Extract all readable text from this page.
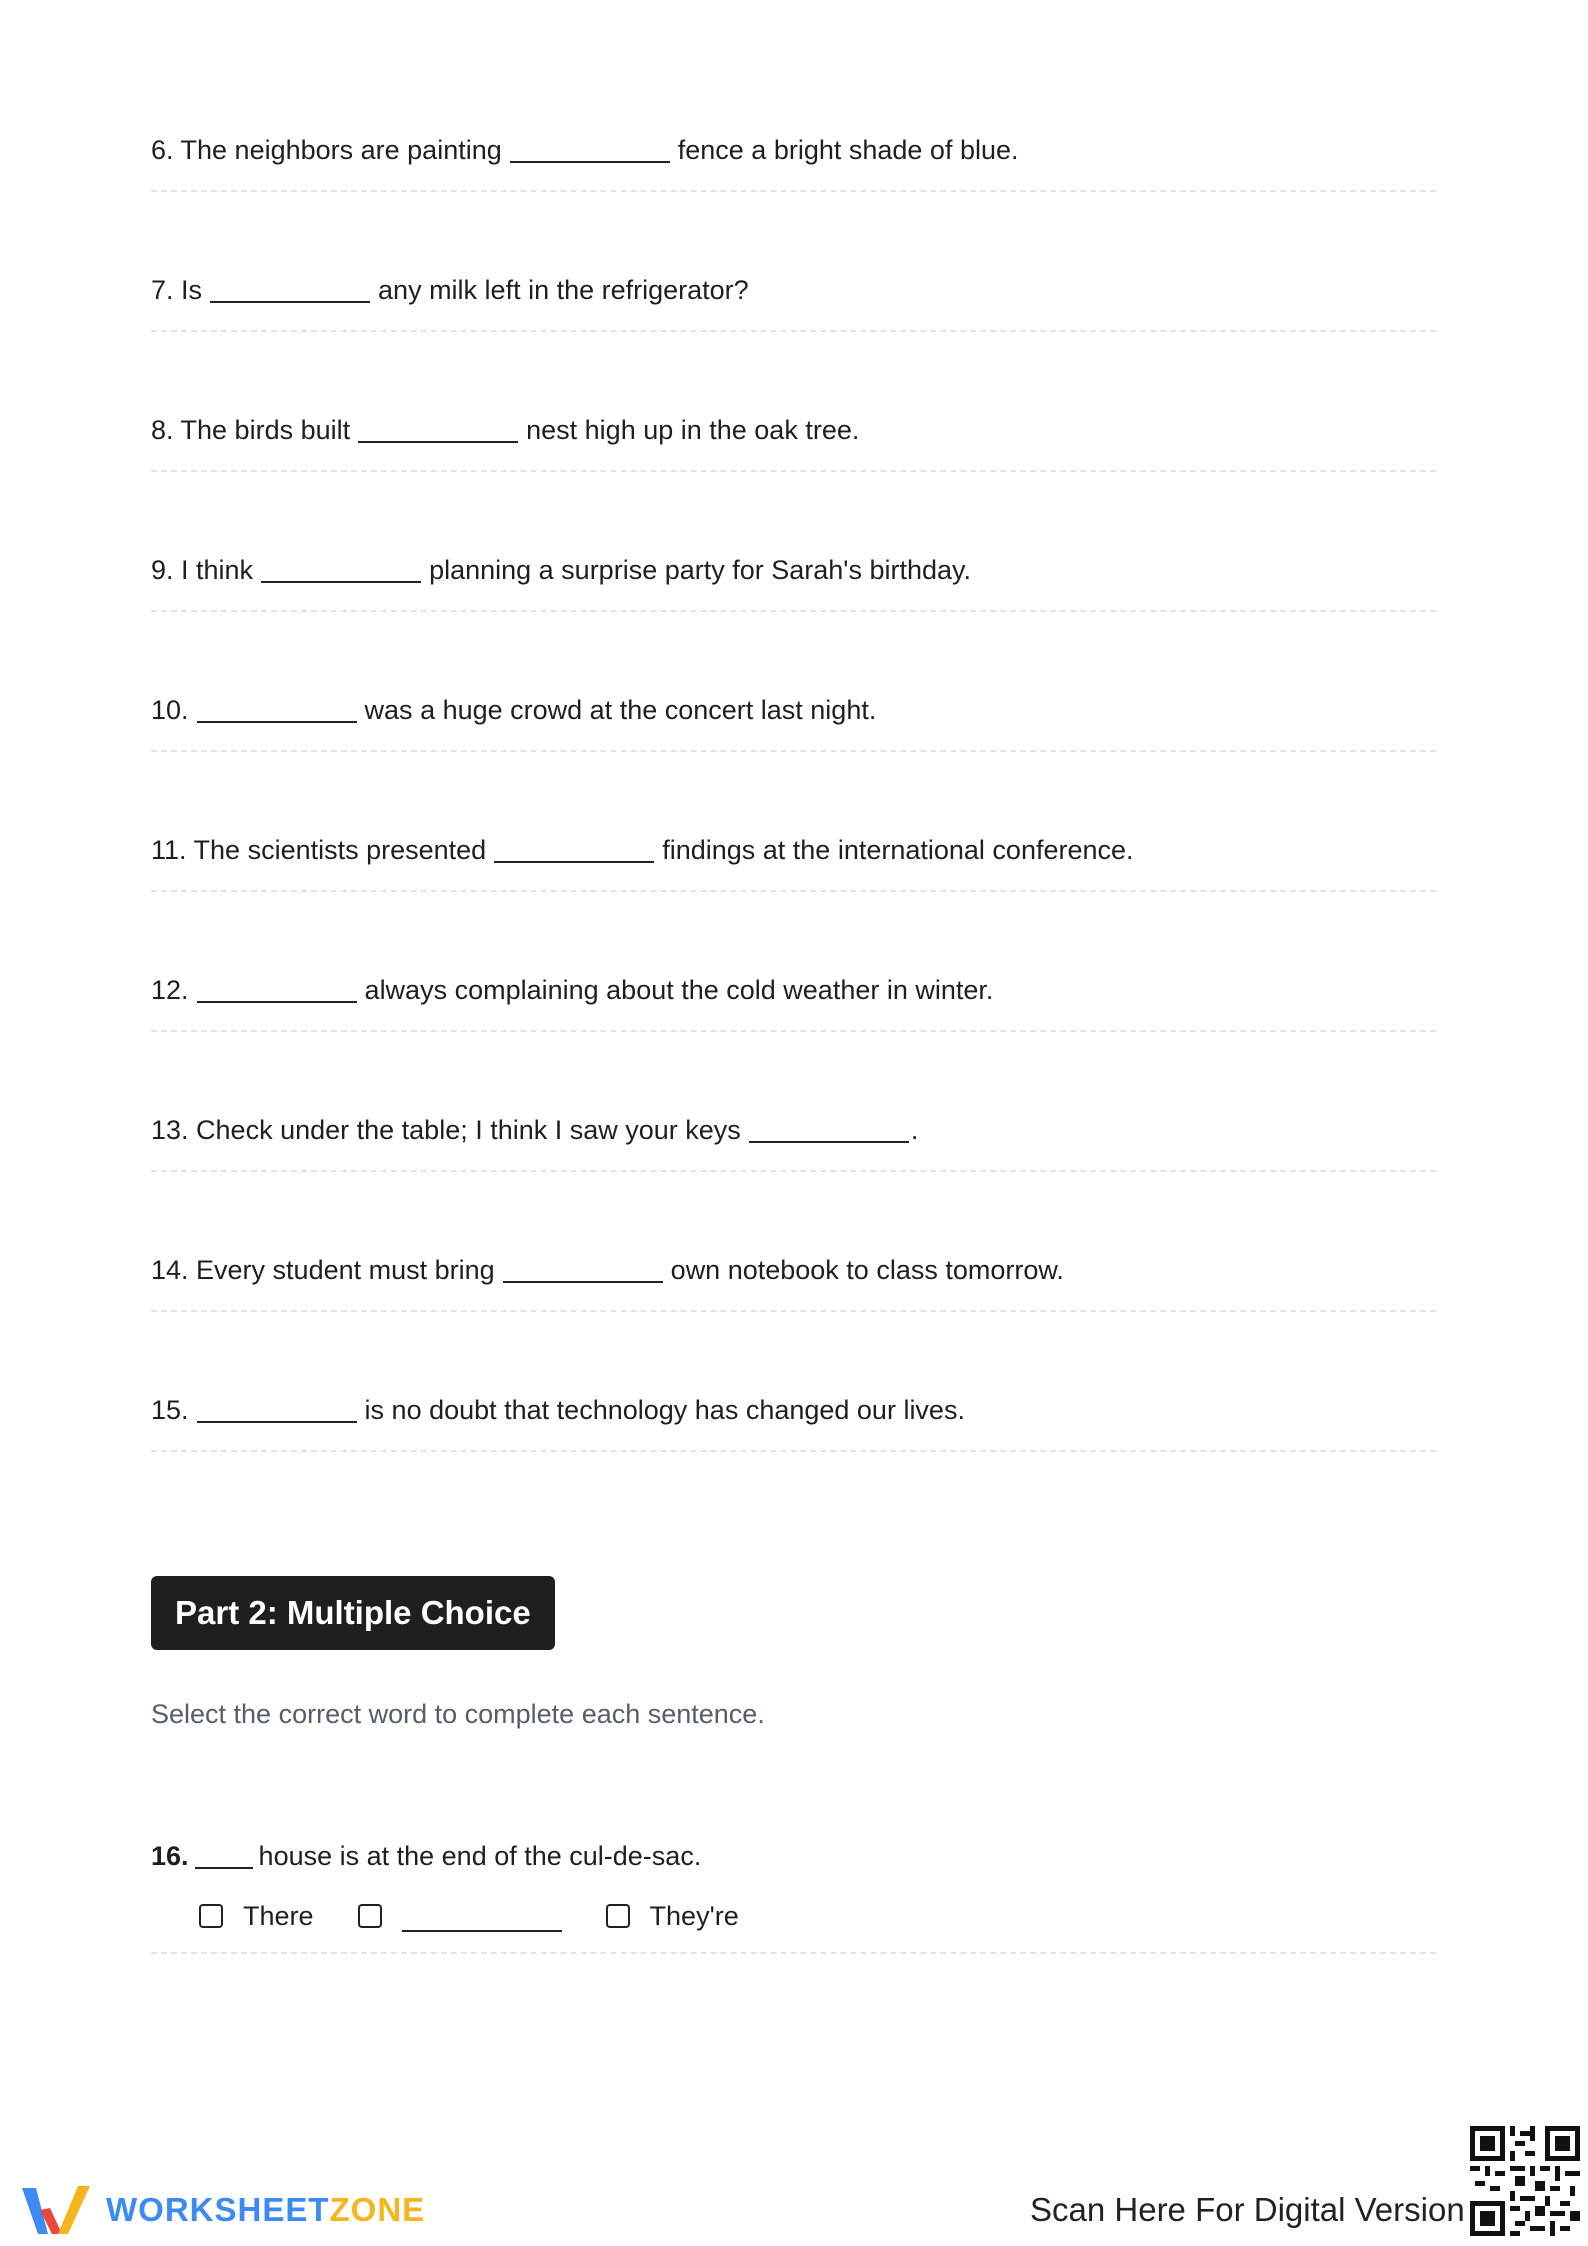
6. The neighbors are painting	fence a bright shade of blue.
7. Is	any milk left in the refrigerator?
8. The birds built	nest high up in the oak tree.
9. I think	planning a surprise party for Sarah's birthday.
10.	was a huge crowd at the concert last night.
11. The scientists presented	findings at the international conference.
12.	always complaining about the cold weather in winter.
13. Check under the table; I think I saw your keys	.
14. Every student must bring	own notebook to class tomorrow.
15.	is no doubt that technology has changed our lives.
Part 2: Multiple Choice
Select the correct word to complete each sentence.
16.	house is at the end of the cul-de-sac.
There	They're
WORKSHEETZONE	Scan Here For Digital Version
